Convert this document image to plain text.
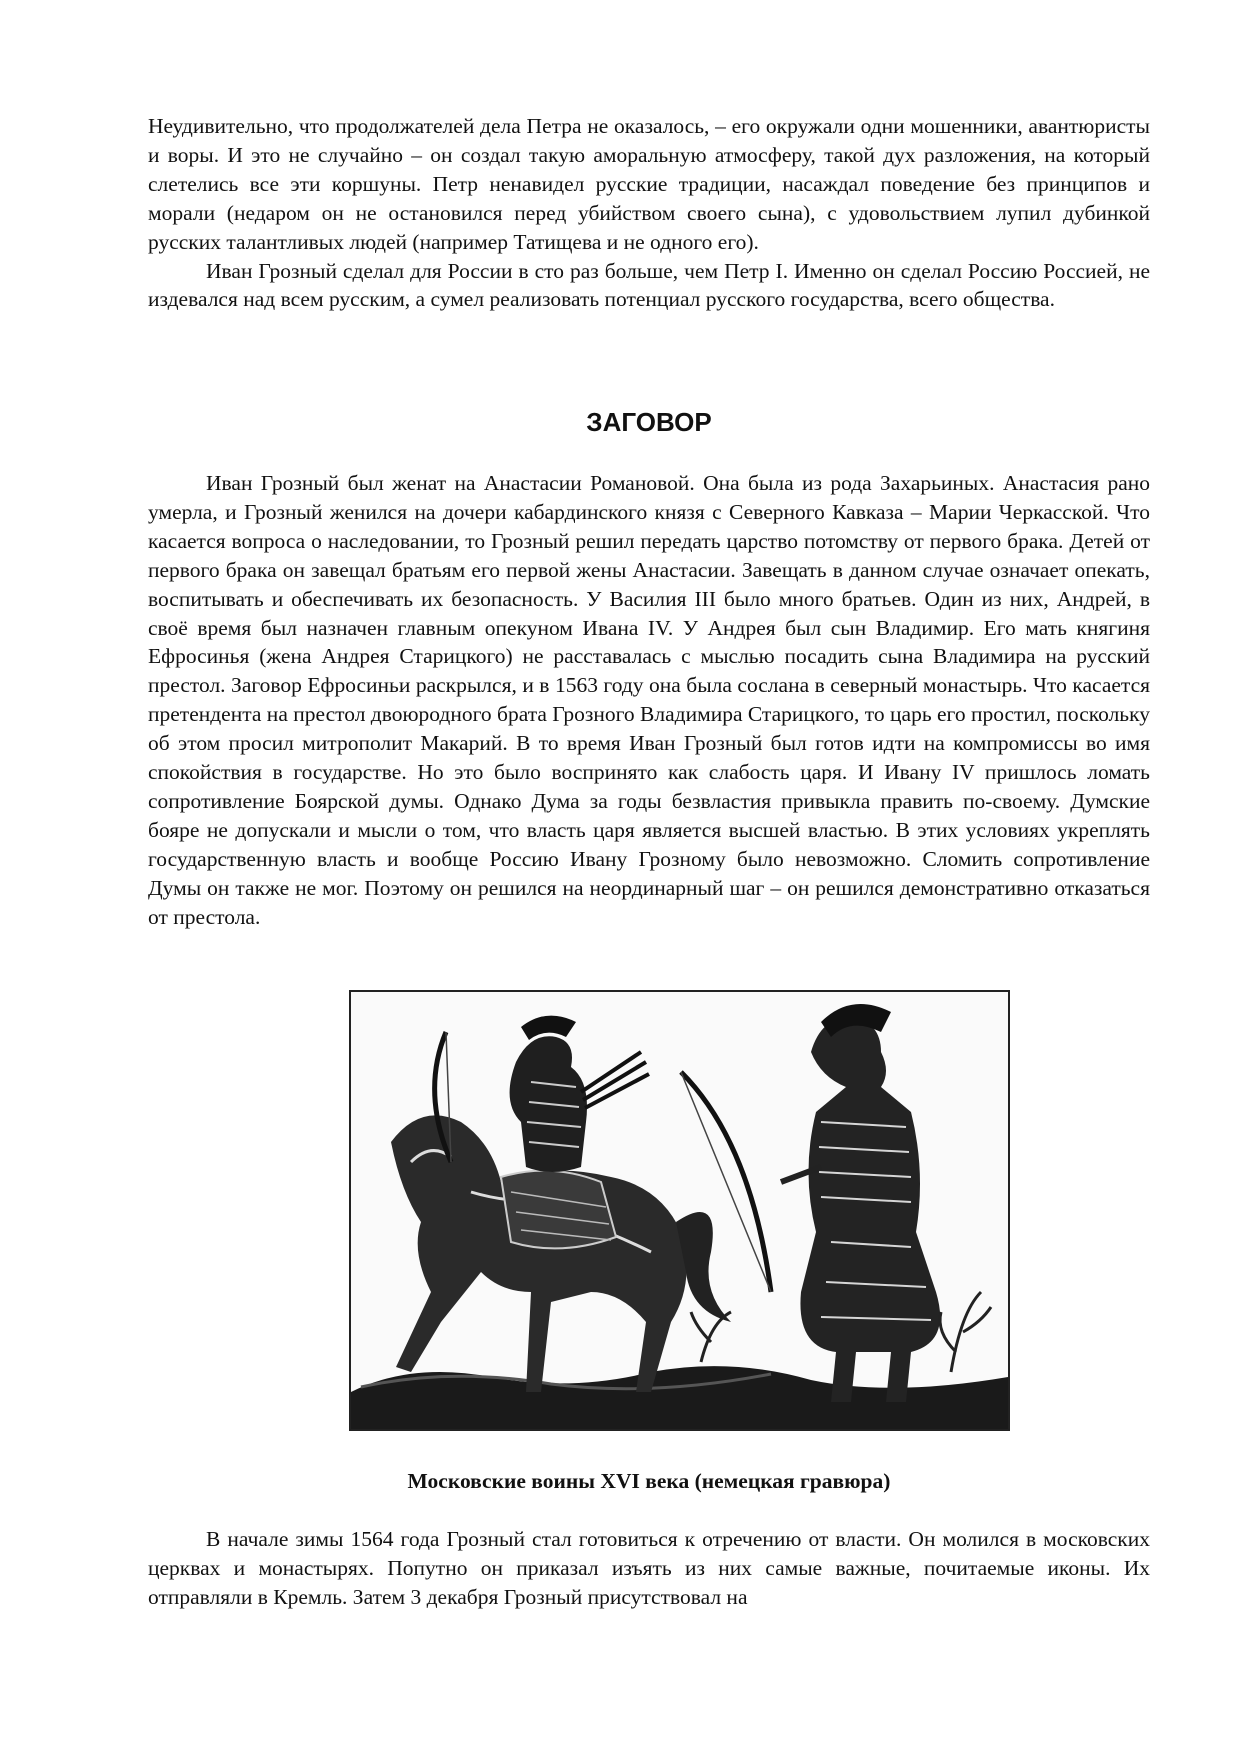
Неудивительно, что продолжателей дела Петра не оказалось, – его окружали одни мошенники, авантюристы и воры. И это не случайно – он создал такую аморальную атмосферу, такой дух разложения, на который слетелись все эти коршуны. Петр ненавидел русские традиции, насаждал поведение без принципов и морали (недаром он не остановился перед убийством своего сына), с удовольствием лупил дубинкой русских талантливых людей (например Татищева и не одного его).

Иван Грозный сделал для России в сто раз больше, чем Петр I. Именно он сделал Россию Россией, не издевался над всем русским, а сумел реализовать потенциал русского государства, всего общества.

ЗАГОВОР

Иван Грозный был женат на Анастасии Романовой. Она была из рода Захарьиных. Анастасия рано умерла, и Грозный женился на дочери кабардинского князя с Северного Кавказа – Марии Черкасской. Что касается вопроса о наследовании, то Грозный решил передать царство потомству от первого брака. Детей от первого брака он завещал братьям его первой жены Анастасии. Завещать в данном случае означает опекать, воспитывать и обеспечивать их безопасность. У Василия III было много братьев. Один из них, Андрей, в своё время был назначен главным опекуном Ивана IV. У Андрея был сын Владимир. Его мать княгиня Ефросинья (жена Андрея Старицкого) не расставалась с мыслью посадить сына Владимира на русский престол. Заговор Ефросиньи раскрылся, и в 1563 году она была сослана в северный монастырь. Что касается претендента на престол двоюродного брата Грозного Владимира Старицкого, то царь его простил, поскольку об этом просил митрополит Макарий. В то время Иван Грозный был готов идти на компромиссы во имя спокойствия в государстве. Но это было воспринято как слабость царя. И Ивану IV пришлось ломать сопротивление Боярской думы. Однако Дума за годы безвластия привыкла править по-своему. Думские бояре не допускали и мысли о том, что власть царя является высшей властью. В этих условиях укреплять государственную власть и вообще Россию Ивану Грозному было невозможно. Сломить сопротивление Думы он также не мог. Поэтому он решился на неординарный шаг – он решился демонстративно отказаться от престола.

Московские воины XVI века (немецкая гравюра)

В начале зимы 1564 года Грозный стал готовиться к отречению от власти. Он молился в московских церквах и монастырях. Попутно он приказал изъять из них самые важные, почитаемые иконы. Их отправляли в Кремль. Затем 3 декабря Грозный присутствовал на
